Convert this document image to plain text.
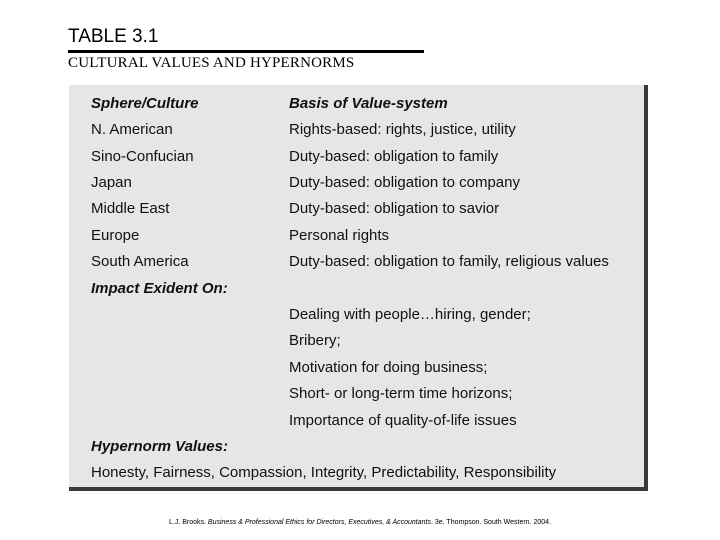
TABLE 3.1
CULTURAL VALUES AND HYPERNORMS
Sphere/Culture	Basis of Value-system
N. American	Rights-based: rights, justice, utility
Sino-Confucian	Duty-based: obligation to family
Japan	Duty-based: obligation to company
Middle East	Duty-based: obligation to savior
Europe	Personal rights
South America	Duty-based: obligation to family, religious values
Impact Exident On:
Dealing with people…hiring, gender;
Bribery;
Motivation for doing business;
Short- or long-term time horizons;
Importance of quality-of-life issues
Hypernorm Values:
Honesty, Fairness, Compassion, Integrity, Predictability, Responsibility
L.J. Brooks. Business & Professional Ethics for Directors, Executives, & Accountants. 3e. Thompson. South Western. 2004.
